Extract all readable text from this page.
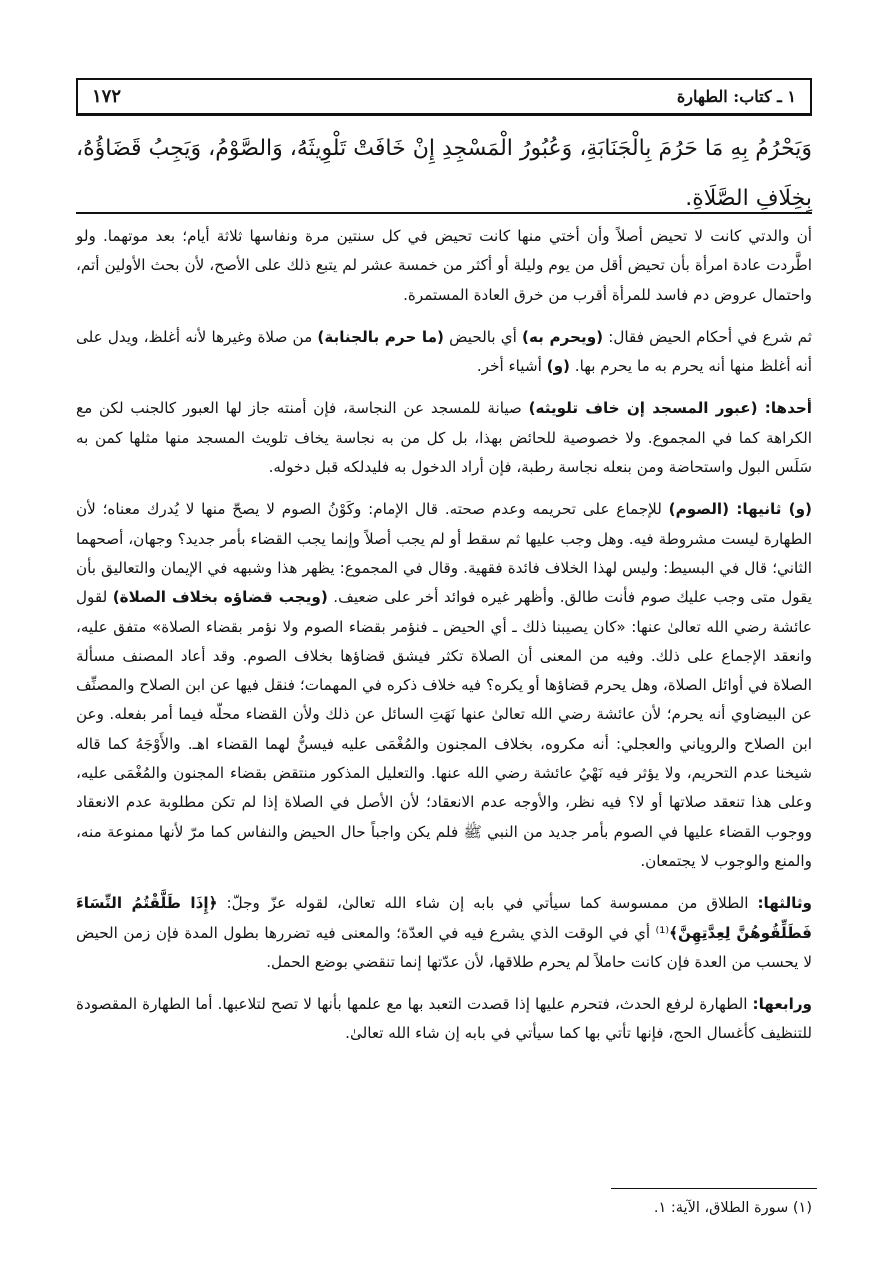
١٧٢	١ ـ كتاب: الطهارة
وَيَحْرُمُ بِهِ مَا حَرُمَ بِالْجَنَابَةِ، وَعُبُورُ الْمَسْجِدِ إِنْ خَافَتْ تَلْوِيثَهُ، وَالصَّوْمُ، وَيَجِبُ قَضَاؤُهُ، بِخِلَافِ الصَّلَاةِ.

أن والدتي كانت لا تحيض أصلاً وأن أختي منها كانت تحيض في كل سنتين مرة ونفاسها ثلاثة أيام؛ بعد موتهما. ولو اطَّردت عادة امرأة بأن تحيض أقل من يوم وليلة أو أكثر من خمسة عشر لم يتبع ذلك على الأصح، لأن بحث الأولين أتم، واحتمال عروض دم فاسد للمرأة أقرب من خرق العادة المستمرة.

ثم شرع في أحكام الحيض فقال: (ويحرم به) أي بالحيض (ما حرم بالجنابة) من صلاة وغيرها لأنه أغلظ، ويدل على أنه أغلظ منها أنه يحرم به ما يحرم بها. (و) أشياء أخر.

أحدها: (عبور المسجد إن خاف تلويثه) صيانة للمسجد عن النجاسة، فإن أمنته جاز لها العبور كالجنب لكن مع الكراهة كما في المجموع. ولا خصوصية للحائض بهذا، بل كل من به نجاسة يخاف تلويث المسجد منها مثلها كمن به سَلَس البول واستحاضة ومن بنعله نجاسة رطبة، فإن أراد الدخول به فليدلكه قبل دخوله.

(و) ثانيها: (الصوم) للإجماع على تحريمه وعدم صحته. قال الإمام: وكَوْنُ الصوم لا يصحّ منها لا يُدرك معناه؛ لأن الطهارة ليست مشروطة فيه. وهل وجب عليها ثم سقط أو لم يجب أصلاً وإنما يجب القضاء بأمر جديد؟ وجهان، أصحهما الثاني؛ قال في البسيط: وليس لهذا الخلاف فائدة فقهية. وقال في المجموع: يظهر هذا وشبهه في الإيمان والتعاليق بأن يقول متى وجب عليك صوم فأنت طالق. وأظهر غيره فوائد أخر على ضعيف. (ويجب قضاؤه بخلاف الصلاة) لقول عائشة رضي الله تعالىٰ عنها: «كان يصيبنا ذلك ـ أي الحيض ـ فنؤمر بقضاء الصوم ولا نؤمر بقضاء الصلاة» متفق عليه، وانعقد الإجماع على ذلك. وفيه من المعنى أن الصلاة تكثر فيشق قضاؤها بخلاف الصوم. وقد أعاد المصنف مسألة الصلاة في أوائل الصلاة، وهل يحرم قضاؤها أو يكره؟ فيه خلاف ذكره في المهمات؛ فنقل فيها عن ابن الصلاح والمصنِّف عن البيضاوي أنه يحرم؛ لأن عائشة رضي الله تعالىٰ عنها نَهَتِ السائل عن ذلك ولأن القضاء محلّه فيما أمر بفعله. وعن ابن الصلاح والروياني والعجلي: أنه مكروه، بخلاف المجنون والمُغْمَى عليه فيسنُّ لهما القضاء اهـ. والأَوْجَهُ كما قاله شيخنا عدم التحريم، ولا يؤثر فيه نَهْيُ عائشة رضي الله عنها. والتعليل المذكور منتقض بقضاء المجنون والمُغْمَى عليه، وعلى هذا تنعقد صلاتها أو لا؟ فيه نظر، والأوجه عدم الانعقاد؛ لأن الأصل في الصلاة إذا لم تكن مطلوبة عدم الانعقاد ووجوب القضاء عليها في الصوم بأمر جديد من النبي ﷺ فلم يكن واجباً حال الحيض والنفاس كما مرّ لأنها ممنوعة منه، والمنع والوجوب لا يجتمعان.

وثالثها: الطلاق من ممسوسة كما سيأتي في بابه إن شاء الله تعالىٰ، لقوله عزّ وجلّ: ﴿إِذَا طَلَّقْتُمُ النِّسَاءَ فَطَلِّقُوهُنَّ لِعِدَّتِهِنَّ﴾⁽¹⁾ أي في الوقت الذي يشرع فيه في العدّة؛ والمعنى فيه تضررها بطول المدة فإن زمن الحيض لا يحسب من العدة فإن كانت حاملاً لم يحرم طلاقها، لأن عدّتها إنما تنقضي بوضع الحمل.

ورابعها: الطهارة لرفع الحدث، فتحرم عليها إذا قصدت التعبد بها مع علمها بأنها لا تصح لتلاعبها. أما الطهارة المقصودة للتنظيف كأغسال الحج، فإنها تأتي بها كما سيأتي في بابه إن شاء الله تعالىٰ.

(١) سورة الطلاق، الآية: ١.
